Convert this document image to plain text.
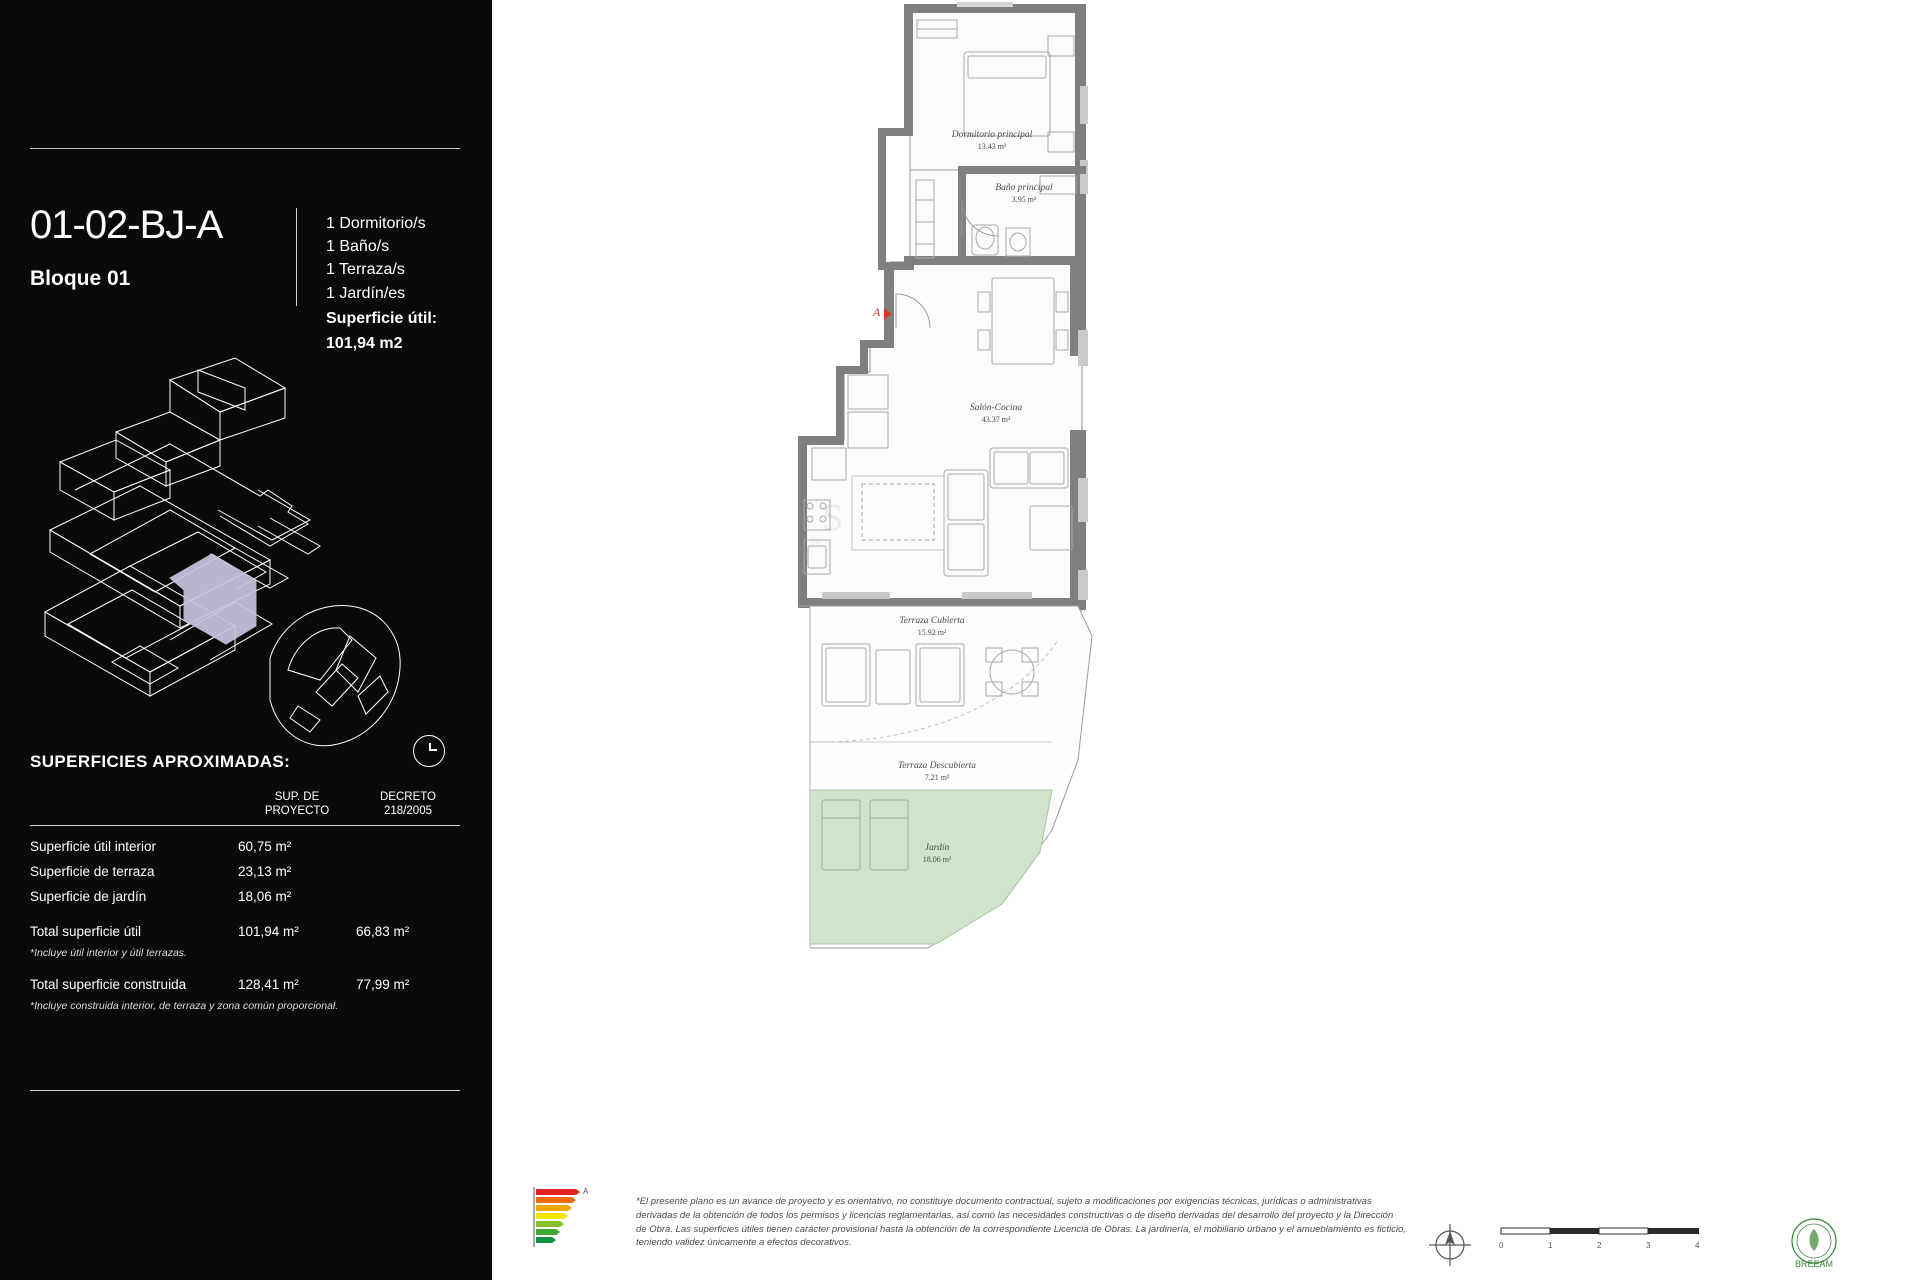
01-02-BJ-A
Bloque 01
1 Dormitorio/s
1 Baño/s
1 Terraza/s
1 Jardín/es
Superficie útil:
101,94 m2
SUPERFICIES APROXIMADAS:
SUP. DE
PROYECTO
DECRETO
218/2005
Superficie útil interior	60,75 m²
Superficie de terraza	23,13 m²
Superficie de jardín	18,06 m²
Total superficie útil	101,94 m²	66,83 m²
*Incluye útil interior y útil terrazas.
Total superficie construida	128,41 m²	77,99 m²
*Incluye construida interior, de terraza y zona común proporcional.
A
S
TE
Dormitorio principal
13.43 m²
Baño principal
3.95 m²
Salón-Cocina
43.37 m²
Terraza Cubierta
15.92 m²
Terraza Descubierta
7.21 m²
Jardín
18.06 m²
A
*El presente plano es un avance de proyecto y es orientativo, no constituye documento contractual, sujeto a modificaciones por exigencias técnicas, jurídicas o administrativas derivadas de la obtención de todos los permisos y licencias reglamentarias, así como las necesidades constructivas o de diseño derivadas del desarrollo del proyecto y la Dirección de Obra. Las superficies útiles tienen carácter provisional hasta la obtención de la correspondiente Licencia de Obras. La jardinería, el mobiliario urbano y el amueblamiento es ficticio, teniendo validez únicamente a efectos decorativos.	0	1	2	3	4
BREEAM
